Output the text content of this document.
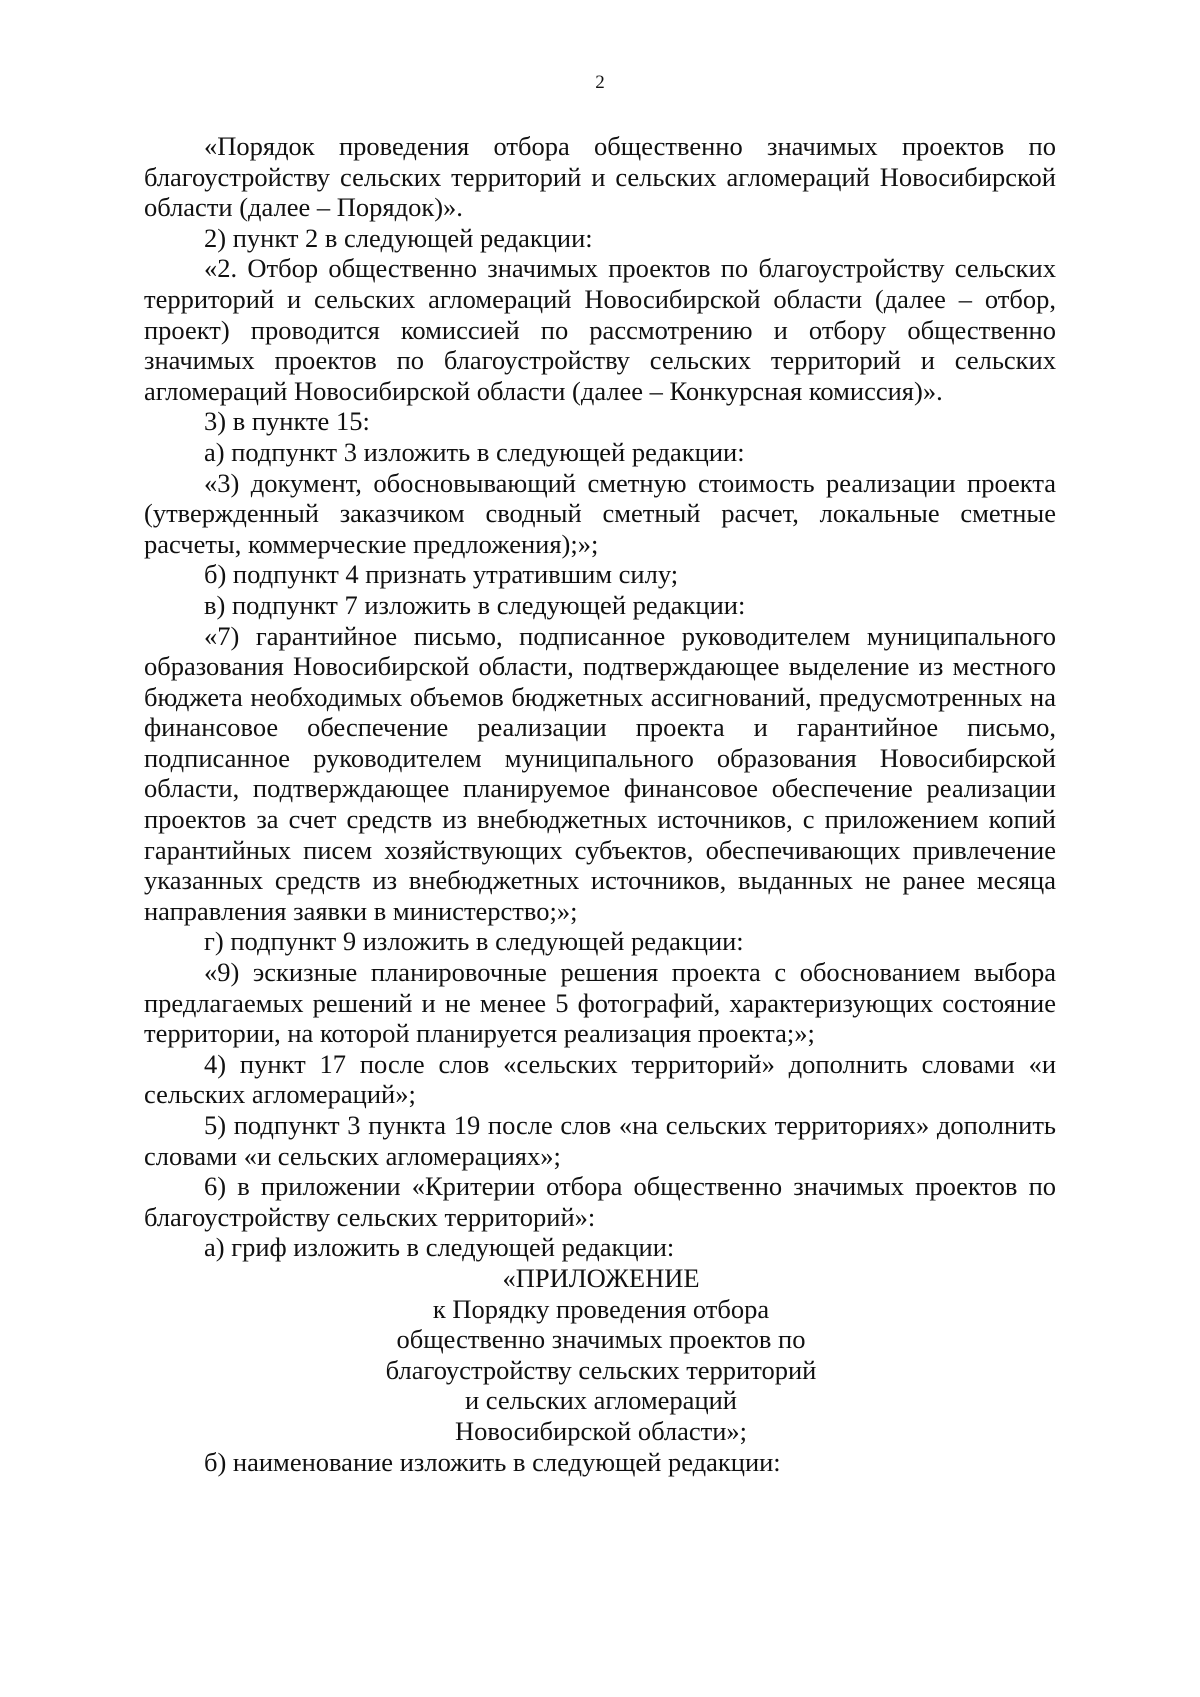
2

«Порядок проведения отбора общественно значимых проектов по благоустройству сельских территорий и сельских агломераций Новосибирской области (далее – Порядок)».

2) пункт 2 в следующей редакции:

«2. Отбор общественно значимых проектов по благоустройству сельских территорий и сельских агломераций Новосибирской области (далее – отбор, проект) проводится комиссией по рассмотрению и отбору общественно значимых проектов по благоустройству сельских территорий и сельских агломераций Новосибирской области (далее – Конкурсная комиссия)».

3) в пункте 15:

а) подпункт 3 изложить в следующей редакции:

«3) документ, обосновывающий сметную стоимость реализации проекта (утвержденный заказчиком сводный сметный расчет, локальные сметные расчеты, коммерческие предложения);»;

б) подпункт 4 признать утратившим силу;

в) подпункт 7 изложить в следующей редакции:

«7) гарантийное письмо, подписанное руководителем муниципального образования Новосибирской области, подтверждающее выделение из местного бюджета необходимых объемов бюджетных ассигнований, предусмотренных на финансовое обеспечение реализации проекта и гарантийное письмо, подписанное руководителем муниципального образования Новосибирской области, подтверждающее планируемое финансовое обеспечение реализации проектов за счет средств из внебюджетных источников, с приложением копий гарантийных писем хозяйствующих субъектов, обеспечивающих привлечение указанных средств из внебюджетных источников, выданных не ранее месяца направления заявки в министерство;»;

г) подпункт 9 изложить в следующей редакции:

«9) эскизные планировочные решения проекта с обоснованием выбора предлагаемых решений и не менее 5 фотографий, характеризующих состояние территории, на которой планируется реализация проекта;»;

4) пункт 17 после слов «сельских территорий» дополнить словами «и сельских агломераций»;

5) подпункт 3 пункта 19 после слов «на сельских территориях» дополнить словами «и сельских агломерациях»;

6) в приложении «Критерии отбора общественно значимых проектов по благоустройству сельских территорий»:

а) гриф изложить в следующей редакции:

«ПРИЛОЖЕНИЕ
к Порядку проведения отбора
общественно значимых проектов по
благоустройству сельских территорий
и сельских агломераций
Новосибирской области»;

б) наименование изложить в следующей редакции:
